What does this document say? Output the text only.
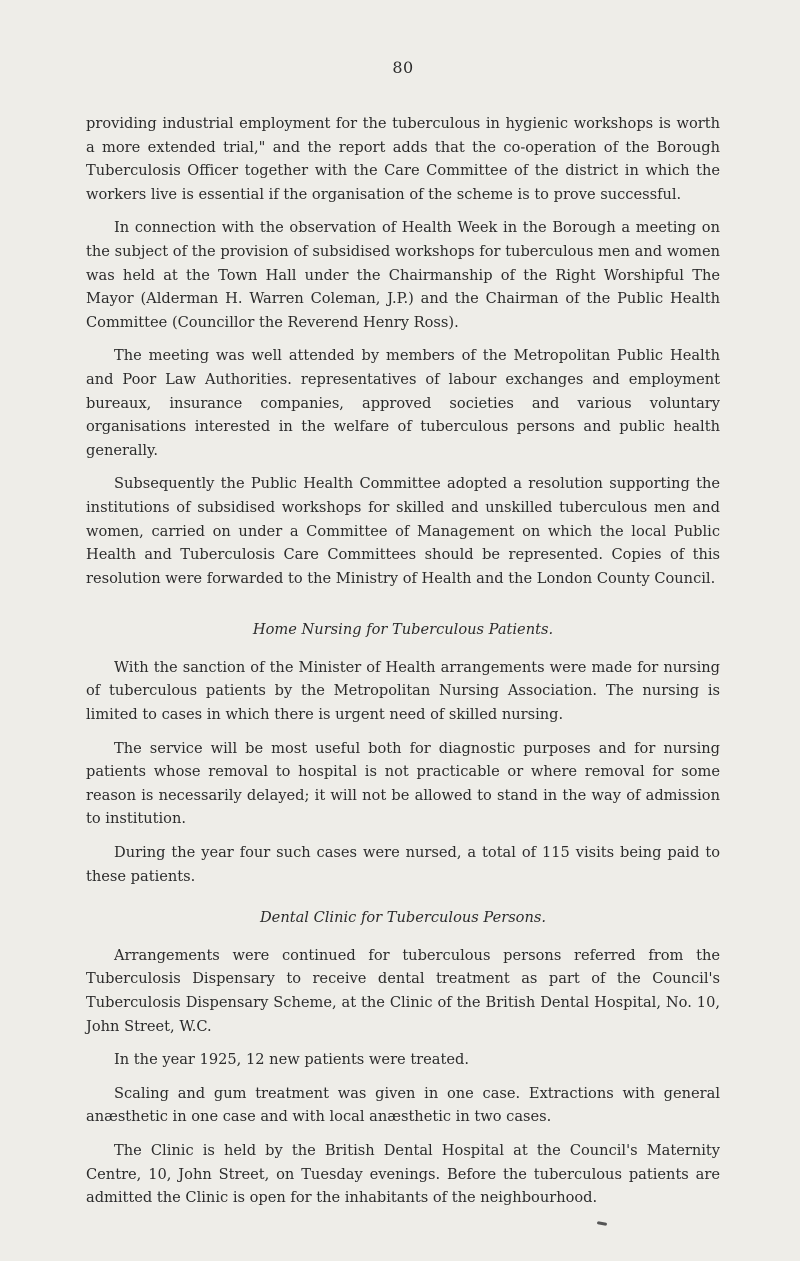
80

providing industrial employment for the tuberculous in hygienic workshops is worth a more extended trial," and the report adds that the co-operation of the Borough Tuberculosis Officer together with the Care Committee of the district in which the workers live is essential if the organisation of the scheme is to prove successful.

In connection with the observation of Health Week in the Borough a meeting on the subject of the provision of subsidised workshops for tuberculous men and women was held at the Town Hall under the Chairmanship of the Right Worshipful The Mayor (Alderman H. Warren Coleman, J.P.) and the Chairman of the Public Health Committee (Councillor the Reverend Henry Ross).

The meeting was well attended by members of the Metropolitan Public Health and Poor Law Authorities. representatives of labour exchanges and employment bureaux, insurance companies, approved societies and various voluntary organisations interested in the welfare of tuberculous persons and public health generally.

Subsequently the Public Health Committee adopted a resolution supporting the institutions of subsidised workshops for skilled and unskilled tuberculous men and women, carried on under a Committee of Management on which the local Public Health and Tuberculosis Care Committees should be represented. Copies of this resolution were forwarded to the Ministry of Health and the London County Council.

Home Nursing for Tuberculous Patients.

With the sanction of the Minister of Health arrangements were made for nursing of tuberculous patients by the Metropolitan Nursing Association. The nursing is limited to cases in which there is urgent need of skilled nursing.

The service will be most useful both for diagnostic purposes and for nursing patients whose removal to hospital is not practicable or where removal for some reason is necessarily delayed; it will not be allowed to stand in the way of admission to institution.

During the year four such cases were nursed, a total of 115 visits being paid to these patients.

Dental Clinic for Tuberculous Persons.

Arrangements were continued for tuberculous persons referred from the Tuberculosis Dispensary to receive dental treatment as part of the Council's Tuberculosis Dispensary Scheme, at the Clinic of the British Dental Hospital, No. 10, John Street, W.C.

In the year 1925, 12 new patients were treated.

Scaling and gum treatment was given in one case. Extractions with general anæsthetic in one case and with local anæsthetic in two cases.

The Clinic is held by the British Dental Hospital at the Council's Maternity Centre, 10, John Street, on Tuesday evenings. Before the tuberculous patients are admitted the Clinic is open for the inhabitants of the neighbourhood.
